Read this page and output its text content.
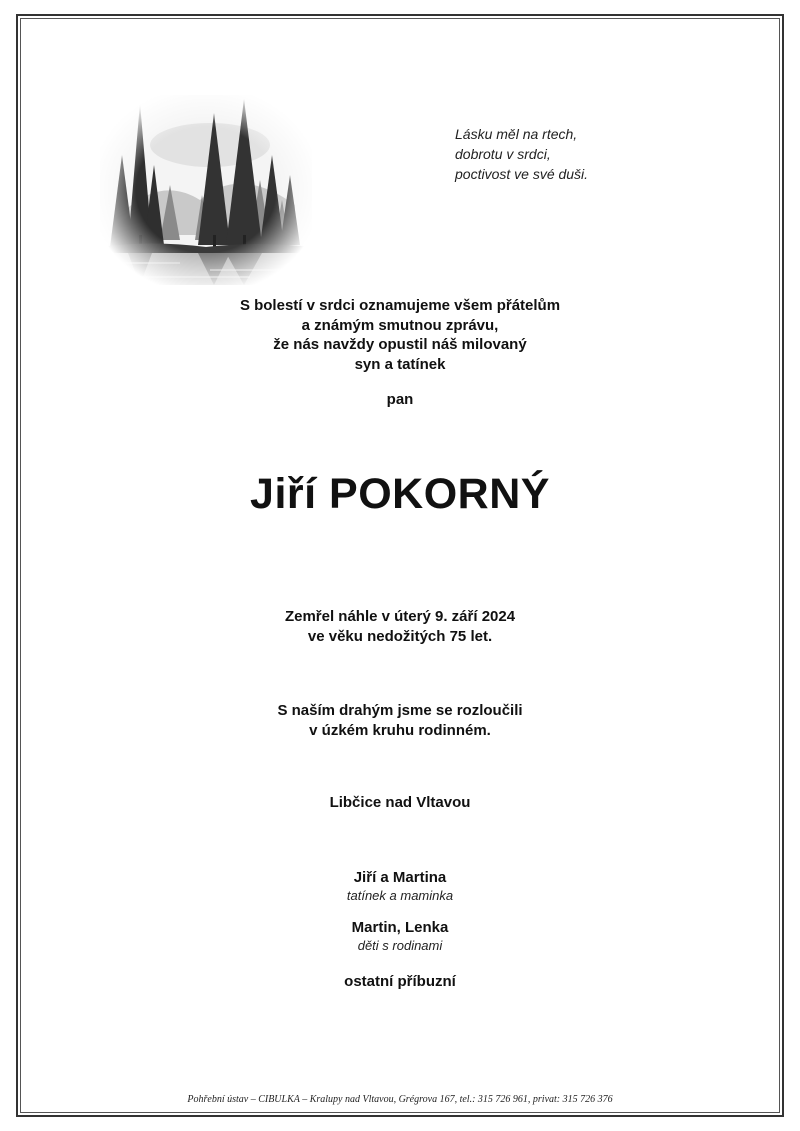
Lásku měl na rtech,
dobrotu v srdci,
poctivost ve své duši.
S bolestí v srdci oznamujeme všem přátelům
a známým smutnou zprávu,
že nás navždy opustil náš milovaný
syn a tatínek
pan
Jiří POKORNÝ
Zemřel náhle v úterý 9. září 2024
ve věku nedožitých 75 let.
S naším drahým jsme se rozloučili
v úzkém kruhu rodinném.
Libčice nad Vltavou
Jiří a Martina
tatínek a maminka
Martin, Lenka
děti s rodinami
ostatní příbuzní
Pohřební ústav – CIBULKA – Kralupy nad Vltavou, Grégrova 167, tel.: 315 726 961, privat: 315 726 376
